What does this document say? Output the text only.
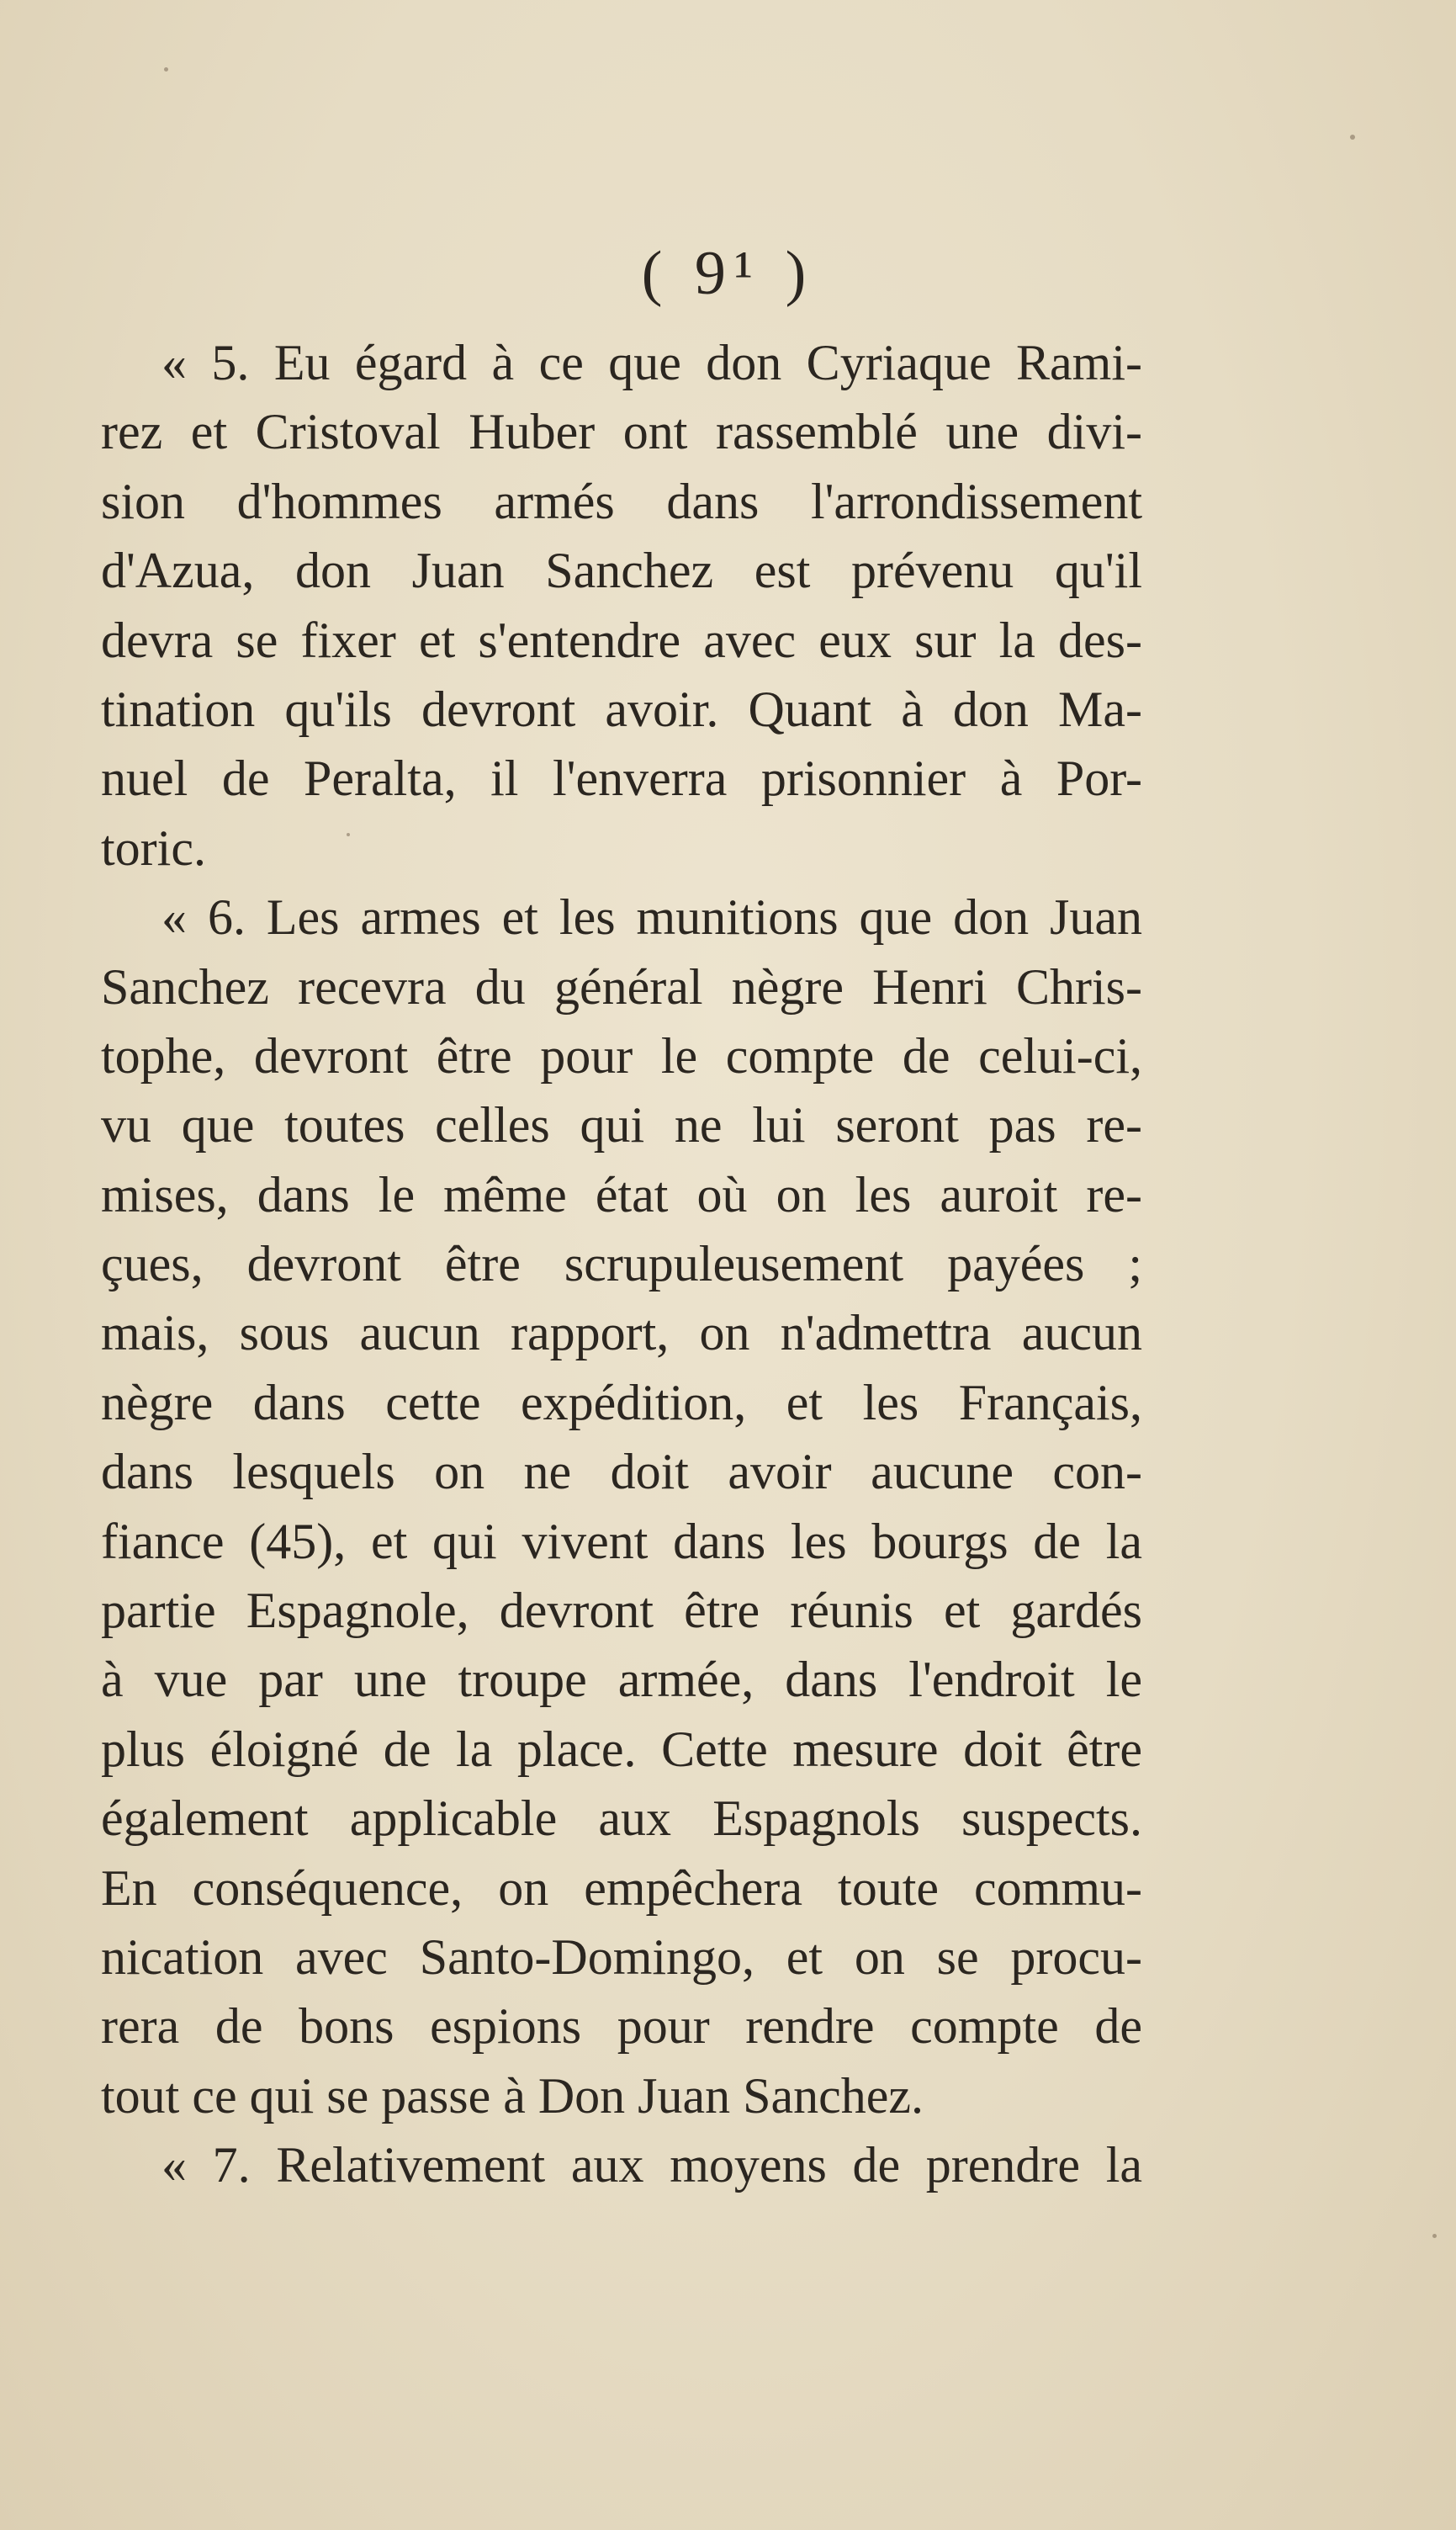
( 9¹ )
« 5. Eu égard à ce que don Cyriaque Rami-
rez et Cristoval Huber ont rassemblé une divi-
sion d'hommes armés dans l'arrondissement
d'Azua, don Juan Sanchez est prévenu qu'il
devra se fixer et s'entendre avec eux sur la des-
tination qu'ils devront avoir. Quant à don Ma-
nuel de Peralta, il l'enverra prisonnier à Por-
toric.
« 6. Les armes et les munitions que don Juan
Sanchez recevra du général nègre Henri Chris-
tophe, devront être pour le compte de celui-ci,
vu que toutes celles qui ne lui seront pas re-
mises, dans le même état où on les auroit re-
çues, devront être scrupuleusement payées ;
mais, sous aucun rapport, on n'admettra aucun
nègre dans cette expédition, et les Français,
dans lesquels on ne doit avoir aucune con-
fiance (45), et qui vivent dans les bourgs de la
partie Espagnole, devront être réunis et gardés
à vue par une troupe armée, dans l'endroit le
plus éloigné de la place. Cette mesure doit être
également applicable aux Espagnols suspects.
En conséquence, on empêchera toute commu-
nication avec Santo-Domingo, et on se procu-
rera de bons espions pour rendre compte de
tout ce qui se passe à Don Juan Sanchez.
« 7. Relativement aux moyens de prendre la
